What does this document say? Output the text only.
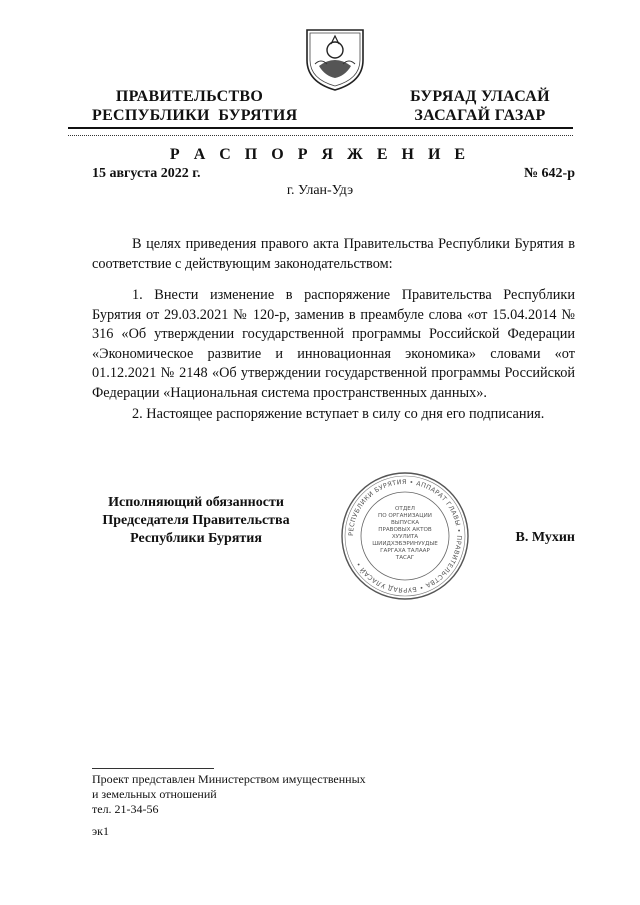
ПРАВИТЕЛЬСТВО
РЕСПУБЛИКИ  БУРЯТИЯ
БУРЯАД УЛАСАЙ
ЗАСАГАЙ ГАЗАР
Р А С П О Р Я Ж Е Н И Е
15 августа 2022 г.	№ 642-р
г. Улан-Удэ
В целях приведения правого акта Правительства Республики Бурятия в соответствие с действующим законодательством:
1. Внести изменение в распоряжение Правительства Республики Бурятия от 29.03.2021 № 120-р, заменив в преамбуле слова «от 15.04.2014 № 316 «Об утверждении государственной программы Российской Федерации «Экономическое развитие и инновационная экономика» словами «от 01.12.2021 № 2148 «Об утверждении государственной программы Российской Федерации «Национальная система пространственных данных».
2. Настоящее распоряжение вступает в силу со дня его подписания.
Исполняющий обязанности
Председателя Правительства
Республики Бурятия	РЕСПУБЛИКИ БУРЯТИЯ • АППАРАТ ГЛАВЫ • ПРАВИТЕЛЬСТВА • БУРЯАД УЛАСАЙ •
ОТДЕЛ
ПО ОРГАНИЗАЦИИ
ВЫПУСКА
ПРАВОВЫХ АКТОВ
ХУУЛИТА
ШИИДХЭБЭРИНУУДЫЕ
ГАРГАХА ТАЛААР
ТАСАГ
В. Мухин
Проект представлен Министерством имущественных
и земельных отношений
тел. 21-34-56
эк1
